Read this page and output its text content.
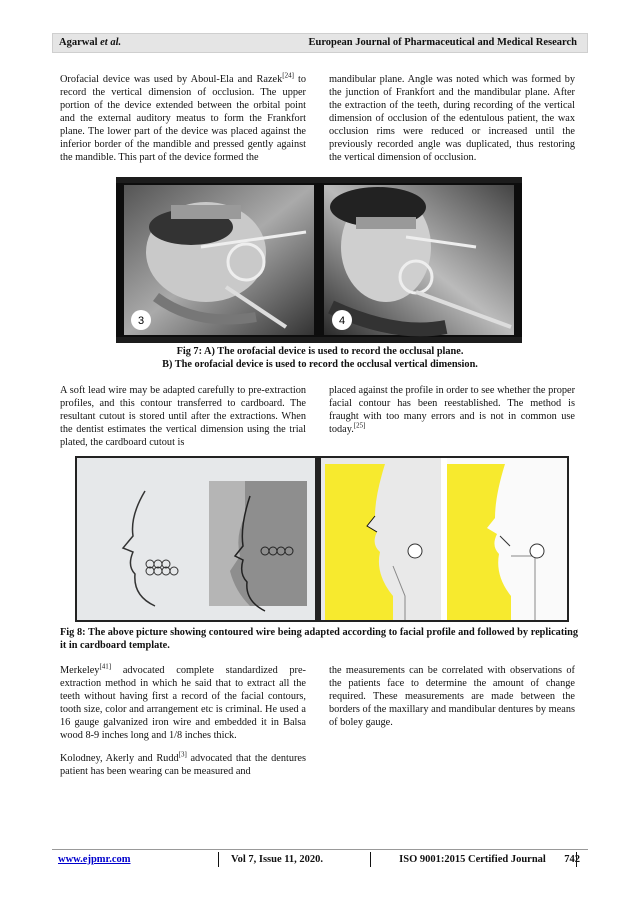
Agarwal et al.	European Journal of Pharmaceutical and Medical Research

Orofacial device was used by Aboul-Ela and Razek[24] to record the vertical dimension of occlusion. The upper portion of the device extended between the orbital point and the external auditory meatus to form the Frankfort plane. The lower part of the device was placed against the inferior border of the mandible and pressed gently against the mandible. This part of the device formed the

mandibular plane. Angle was noted which was formed by the junction of Frankfort and the mandibular plane. After the extraction of the teeth, during recording of the vertical dimension of occlusion of the edentulous patient, the wax occlusion rims were reduced or increased until the previously recorded angle was duplicated, thus restoring the vertical dimension of occlusion.

3	4
Fig 7: A) The orofacial device is used to record the occlusal plane.
B) The orofacial device is used to record the occlusal vertical dimension.

A soft lead wire may be adapted carefully to pre-extraction profiles, and this contour transferred to cardboard. The resultant cutout is stored until after the extractions. When the dentist estimates the vertical dimension using the trial plated, the cardboard cutout is

placed against the profile in order to see whether the proper facial contour has been reestablished. The method is fraught with too many errors and is not in common use today.[25]

Fig 8: The above picture showing contoured wire being adapted according to facial profile and followed by replicating it in cardboard template.

Merkeley[41] advocated complete standardized pre-extraction method in which he said that to extract all the teeth without having first a record of the facial contours, tooth size, color and arrangement etc is criminal. He used a 16 gauge galvanized iron wire and embedded it in Balsa wood 8-9 inches long and 1/8 inches thick.

Kolodney, Akerly and Rudd[3] advocated that the dentures patient has been wearing can be measured and

the measurements can be correlated with observations of the patients face to determine the amount of change required. These measurements are made between the borders of the maxillary and mandibular dentures by means of boley gauge.

www.ejpmr.com	Vol 7, Issue 11, 2020.	ISO 9001:2015 Certified Journal	742
